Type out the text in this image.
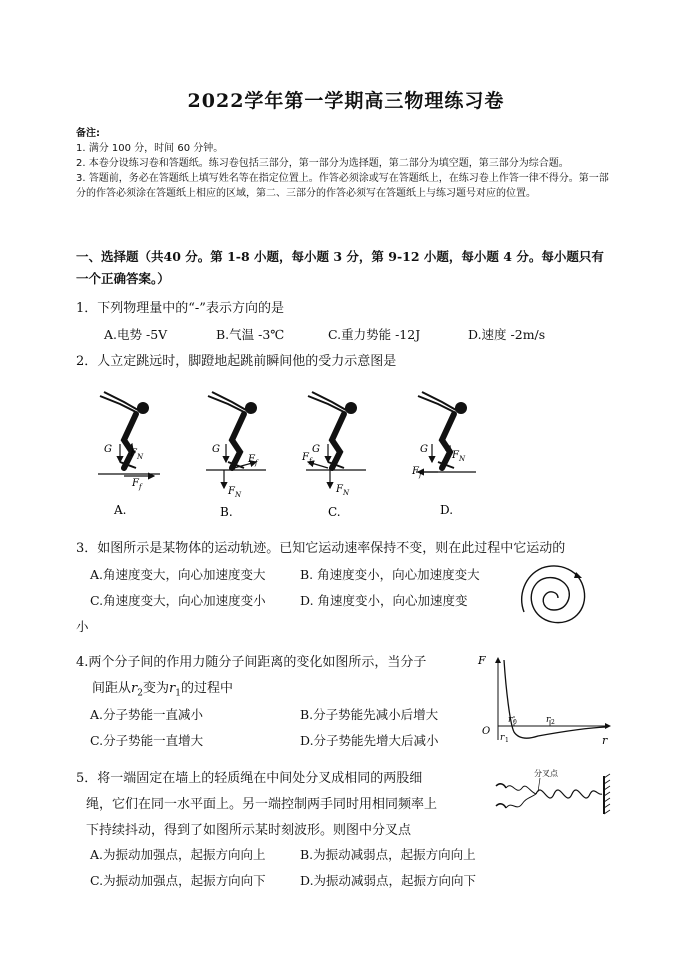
2022学年第一学期高三物理练习卷
备注:
1. 满分 100 分，时间 60 分钟。
2. 本卷分设练习卷和答题纸。练习卷包括三部分，第一部分为选择题，第二部分为填空题，第三部分为综合题。
3. 答题前，务必在答题纸上填写姓名等在指定位置上。作答必须涂或写在答题纸上，在练习卷上作答一律不得分。第一部分的作答必须涂在答题纸上相应的区域，第二、三部分的作答必须写在答题纸上与练习题号对应的位置。
一、选择题（共40 分。第 1-8 小题，每小题 3 分，第 9-12 小题，每小题 4 分。每小题只有一个正确答案。）
1．下列物理量中的“-”表示方向的是
A.电势 -5V	B.气温 -3℃	C.重力势能 -12J	D.速度 -2m/s
2．人立定跳远时，脚蹬地起跳前瞬间他的受力示意图是
G F N
F f
A.
G
F f
F N
B.
G
F f
F N
C.
G
F N
F f
D.
3．如图所示是某物体的运动轨迹。已知它运动速率保持不变，则在此过程中它运动的
A.角速度变大，向心加速度变大	B. 角速度变小，向心加速度变大
C.角速度变大，向心加速度变小	D. 角速度变小，向心加速度变
小
4.两个分子间的作用力随分子间距离的变化如图所示，当分子
间距从$r_2$变为$r_1$的过程中
A.分子势能一直减小	B.分子势能先减小后增大
C.分子势能一直增大	D.分子势能先增大后减小
F
O
r
r 0
r 1
r 2
5．将一端固定在墙上的轻质绳在中间处分叉成相同的两股细
绳，它们在同一水平面上。另一端控制两手同时用相同频率上
下持续抖动，得到了如图所示某时刻波形。则图中分叉点
A.为振动加强点，起振方向向上	B.为振动减弱点，起振方向向上
C.为振动加强点，起振方向向下	D.为振动减弱点，起振方向向下
分叉点
